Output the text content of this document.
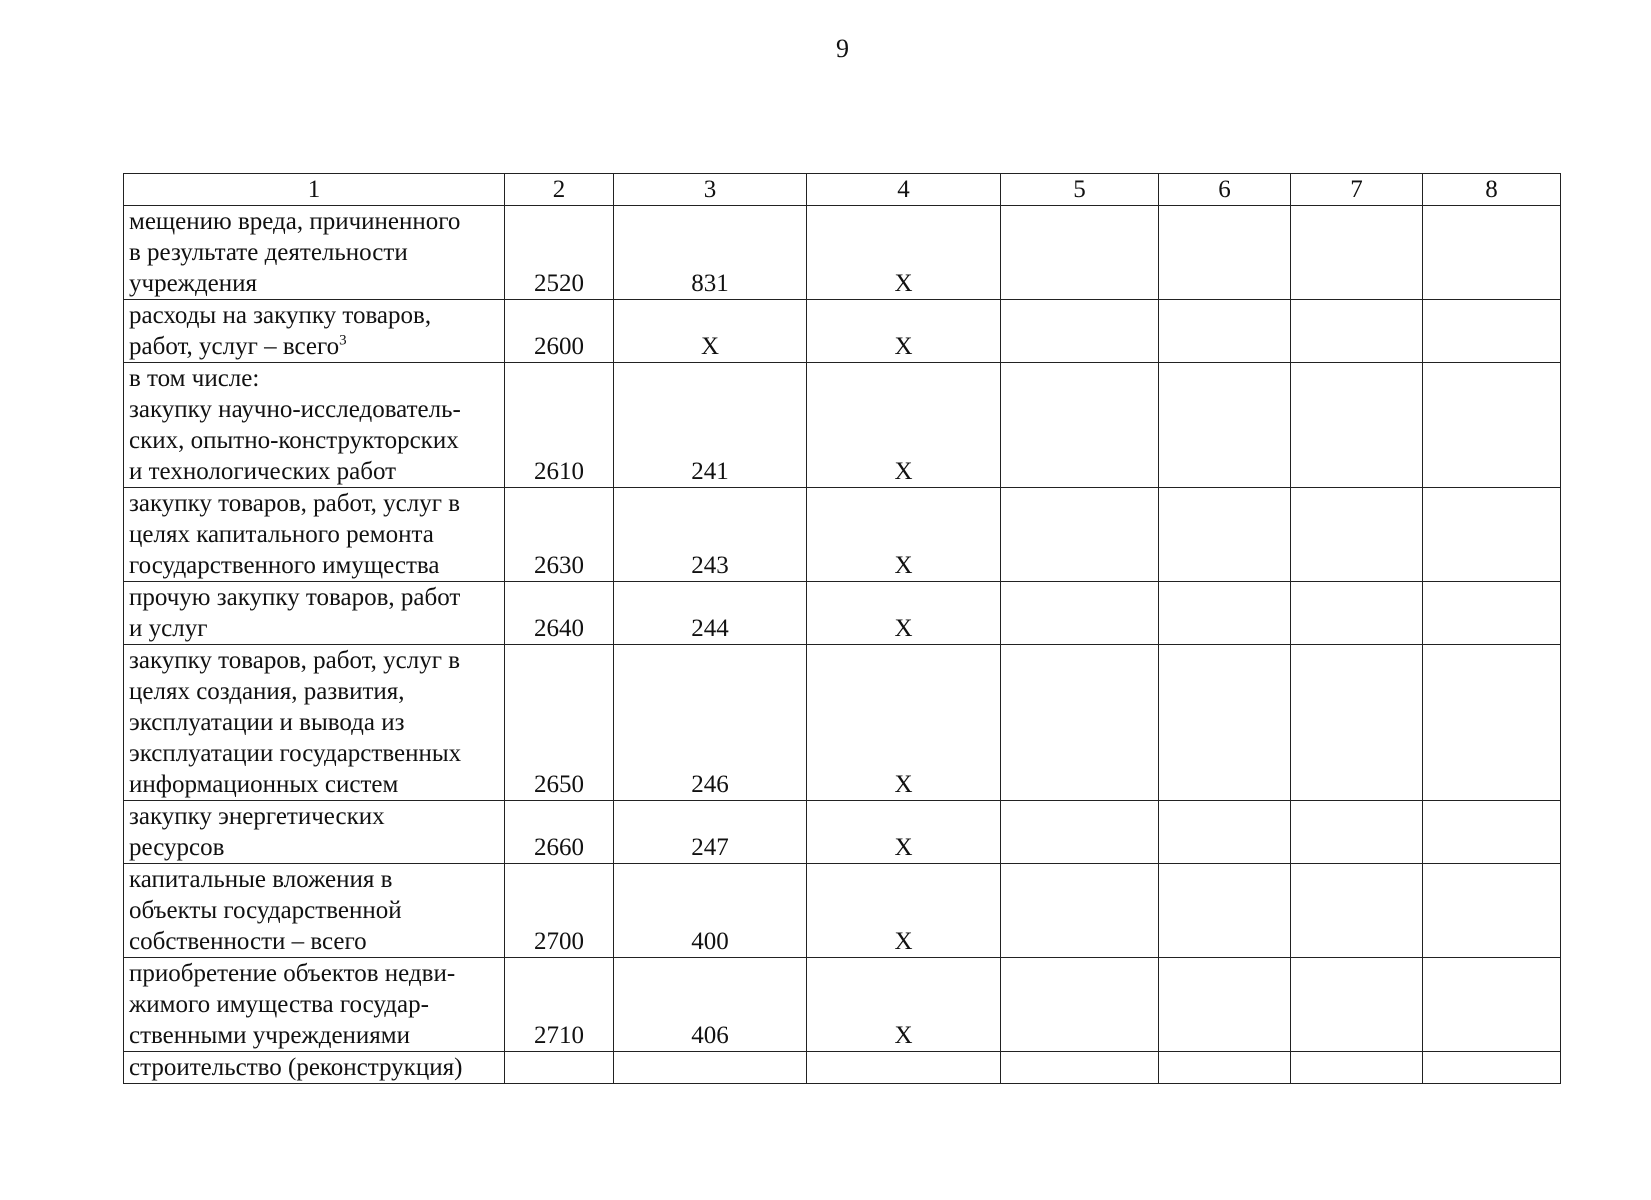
9
1	2	3	4	5	6	7	8
мещению вреда, причиненного
в результате деятельности
учреждения	2520	831	X				
расходы на закупку товаров,
работ, услуг – всего$^3$	2600	X	X				
в том числе:
закупку научно-исследователь-
ских, опытно-конструкторских
и технологических работ	2610	241	X				
закупку товаров, работ, услуг в
целях капитального ремонта
государственного имущества	2630	243	X				
прочую закупку товаров, работ
и услуг	2640	244	X				
закупку товаров, работ, услуг в
целях создания, развития,
эксплуатации и вывода из
эксплуатации государственных
информационных систем	2650	246	X				
закупку энергетических
ресурсов	2660	247	X				
капитальные вложения в
объекты государственной
собственности – всего	2700	400	X				
приобретение объектов недви-
жимого имущества государ-
ственными учреждениями	2710	406	X				
строительство (реконструкция)							
